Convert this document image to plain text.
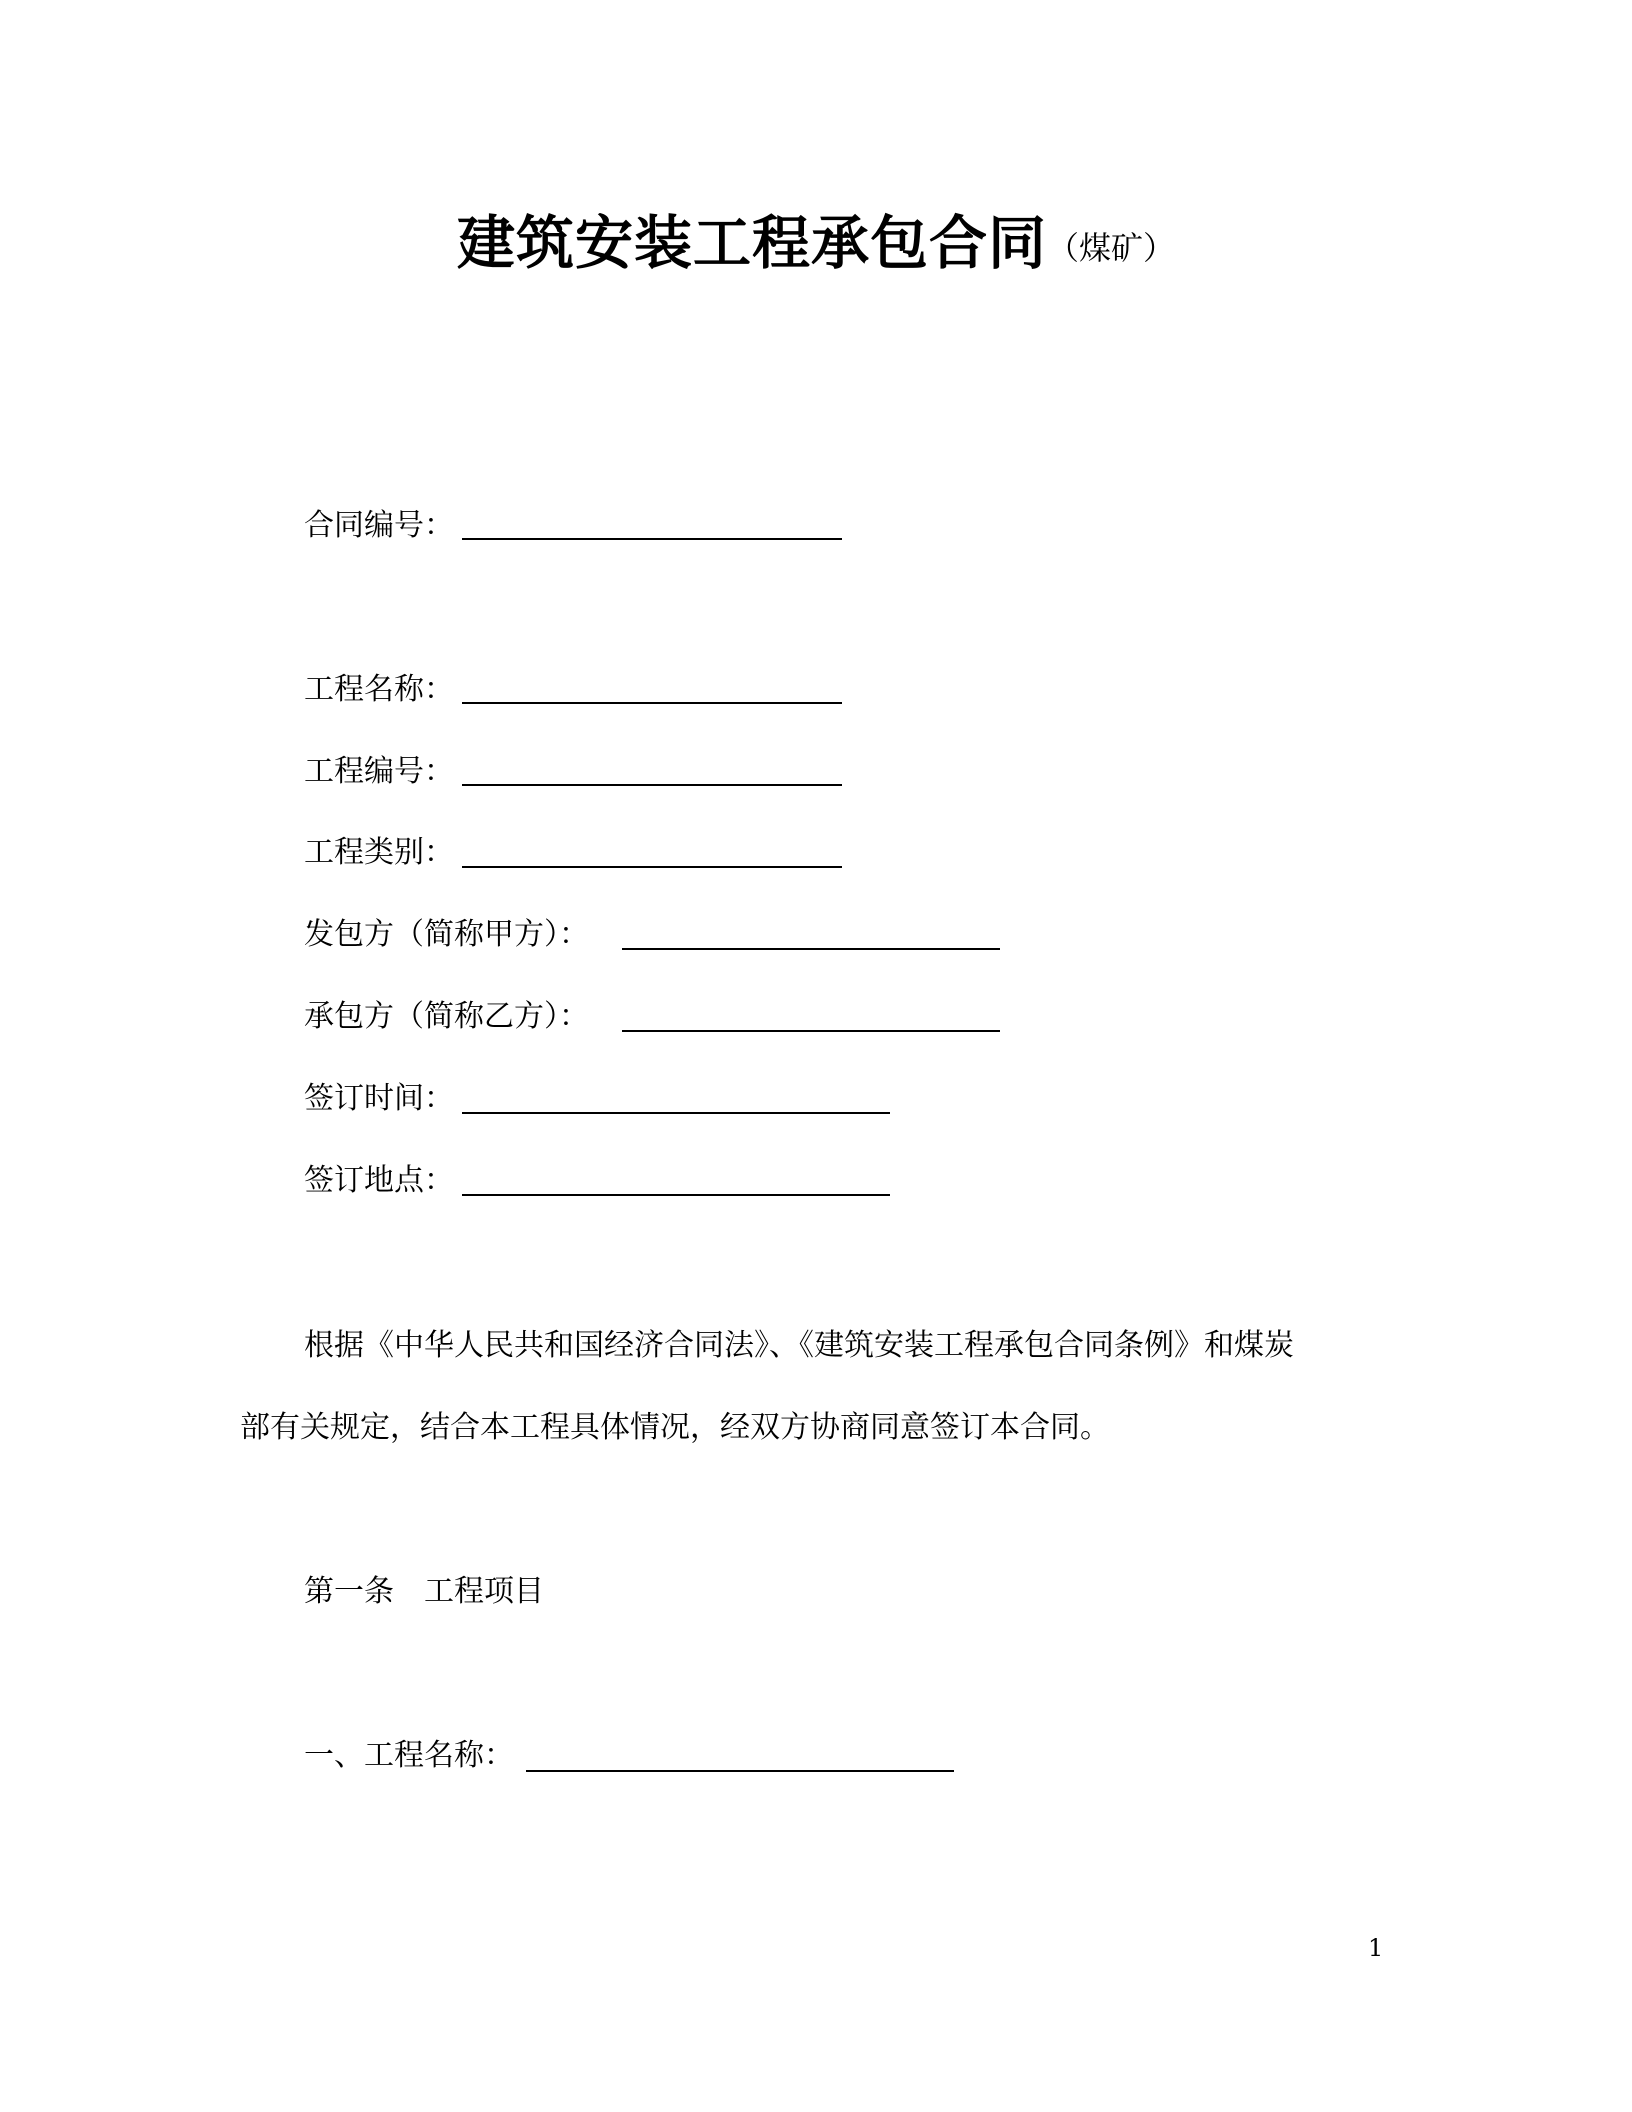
建筑安装工程承包合同（煤矿）
合同编号：
工程名称：
工程编号：
工程类别：
发包方（简称甲方）：
承包方（简称乙方）：
签订时间：
签订地点：
根据《中华人民共和国经济合同法》、《建筑安装工程承包合同条例》和煤炭
部有关规定，结合本工程具体情况，经双方协商同意签订本合同。
第一条　工程项目
一、工程名称：
1
